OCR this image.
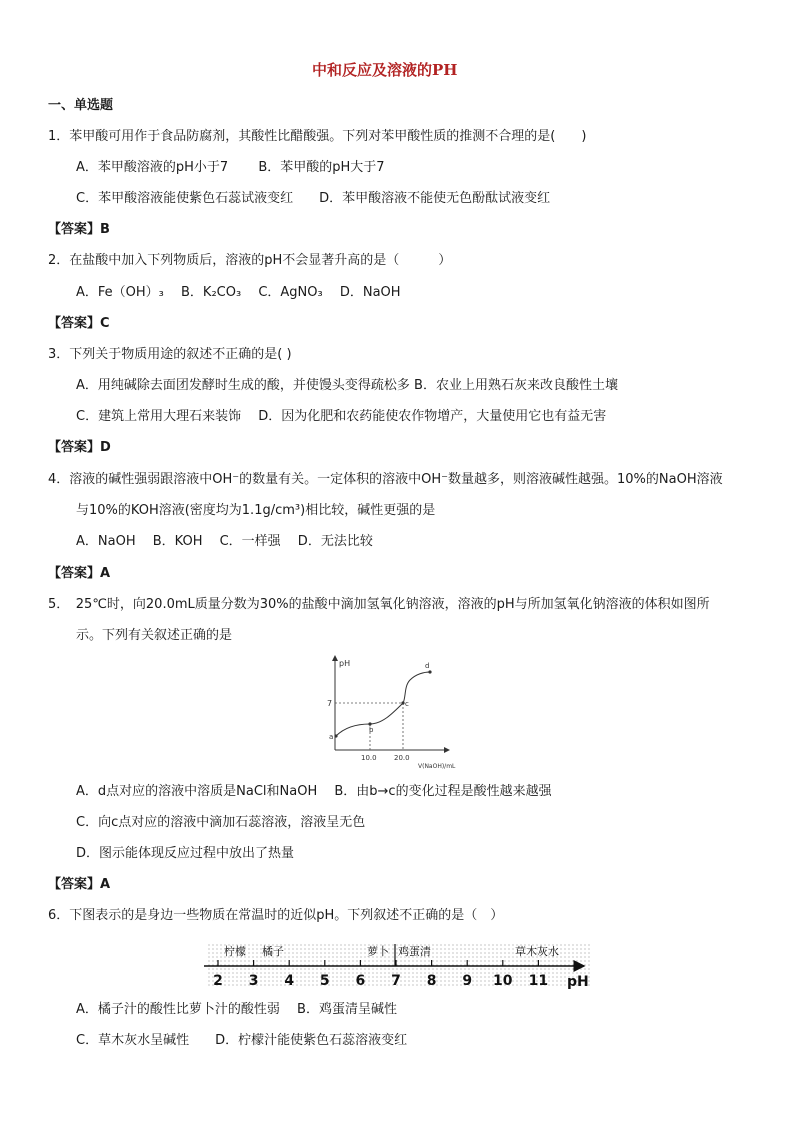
中和反应及溶液的PH
一、单选题
1．苯甲酸可用作于食品防腐剂，其酸性比醋酸强。下列对苯甲酸性质的推测不合理的是(　　)
A．苯甲酸溶液的pH小于7　　 B．苯甲酸的pH大于7
C．苯甲酸溶液能使紫色石蕊试液变红　　D．苯甲酸溶液不能使无色酚酞试液变红
【答案】B
2．在盐酸中加入下列物质后，溶液的pH不会显著升高的是（　　　）
A．Fe（OH）₃　 B．K₂CO₃　 C．AgNO₃　 D．NaOH
【答案】C
3．下列关于物质用途的叙述不正确的是( )
A．用纯碱除去面团发酵时生成的酸，并使馒头变得疏松多 B．农业上用熟石灰来改良酸性土壤
C．建筑上常用大理石来装饰　 D．因为化肥和农药能使农作物增产，大量使用它也有益无害
【答案】D
4．溶液的碱性强弱跟溶液中OH⁻的数量有关。一定体积的溶液中OH⁻数量越多，则溶液碱性越强。10%的NaOH溶液
与10%的KOH溶液(密度均为1.1g/cm³)相比较，碱性更强的是
A．NaOH　 B．KOH　 C．一样强　 D．无法比较
【答案】A
5．　25℃时，向20.0mL质量分数为30%的盐酸中滴加氢氧化钠溶液，溶液的pH与所加氢氧化钠溶液的体积如图所
示。下列有关叙述正确的是
pH
7
a
b
c
d
10.0 20.0
V(NaOH)/mL
A．d点对应的溶液中溶质是NaCl和NaOH　 B．由b→c的变化过程是酸性越来越强
C．向c点对应的溶液中滴加石蕊溶液，溶液呈无色
D．图示能体现反应过程中放出了热量
【答案】A
6．下图表示的是身边一些物质在常温时的近似pH。下列叙述不正确的是（　）
2 3 4 5 6 7 8 9 10 11
柠檬 橘子	萝卜 鸡蛋清	草木灰水
pH
A．橘子汁的酸性比萝卜汁的酸性弱　 B．鸡蛋清呈碱性
C．草木灰水呈碱性　　D．柠檬汁能使紫色石蕊溶液变红
